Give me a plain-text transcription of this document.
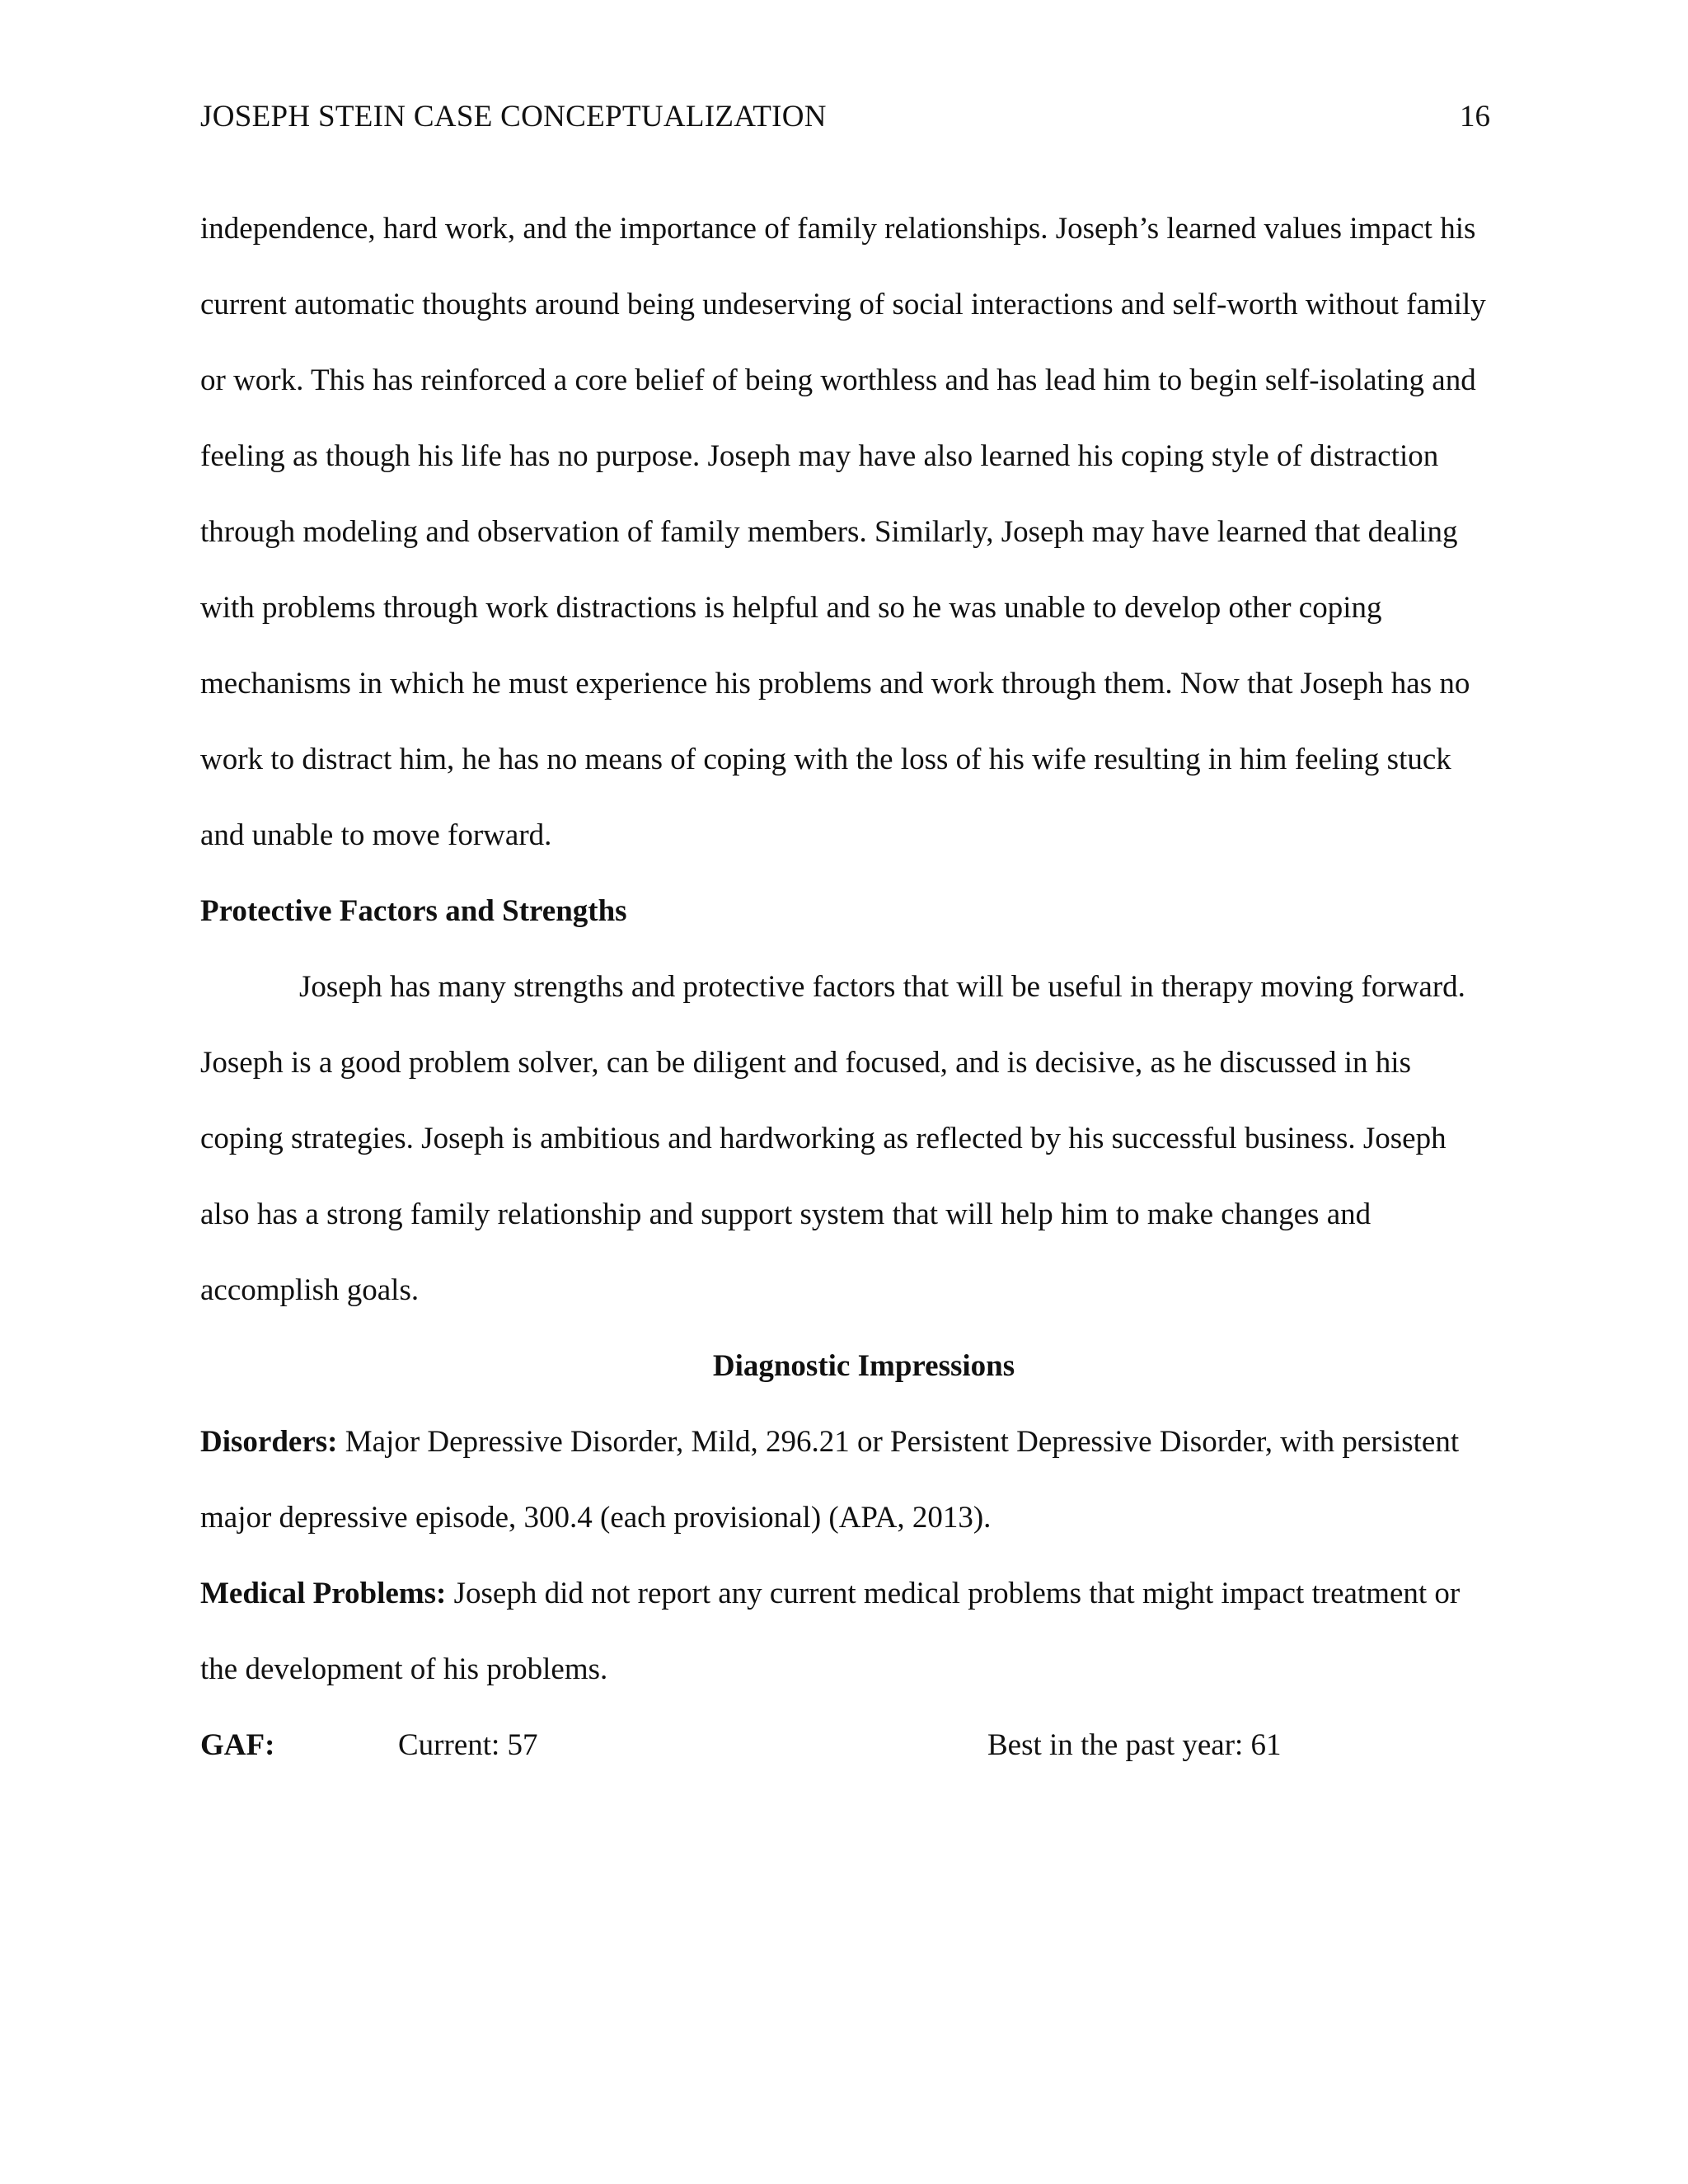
JOSEPH STEIN CASE CONCEPTUALIZATION	16

independence, hard work, and the importance of family relationships. Joseph’s learned values impact his current automatic thoughts around being undeserving of social interactions and self-worth without family or work. This has reinforced a core belief of being worthless and has lead him to begin self-isolating and feeling as though his life has no purpose. Joseph may have also learned his coping style of distraction through modeling and observation of family members. Similarly, Joseph may have learned that dealing with problems through work distractions is helpful and so he was unable to develop other coping mechanisms in which he must experience his problems and work through them. Now that Joseph has no work to distract him, he has no means of coping with the loss of his wife resulting in him feeling stuck and unable to move forward.

Protective Factors and Strengths

Joseph has many strengths and protective factors that will be useful in therapy moving forward. Joseph is a good problem solver, can be diligent and focused, and is decisive, as he discussed in his coping strategies. Joseph is ambitious and hardworking as reflected by his successful business. Joseph also has a strong family relationship and support system that will help him to make changes and accomplish goals.

Diagnostic Impressions

Disorders: Major Depressive Disorder, Mild, 296.21 or Persistent Depressive Disorder, with persistent major depressive episode, 300.4 (each provisional) (APA, 2013).

Medical Problems: Joseph did not report any current medical problems that might impact treatment or the development of his problems.

GAF:	Current: 57	Best in the past year: 61
